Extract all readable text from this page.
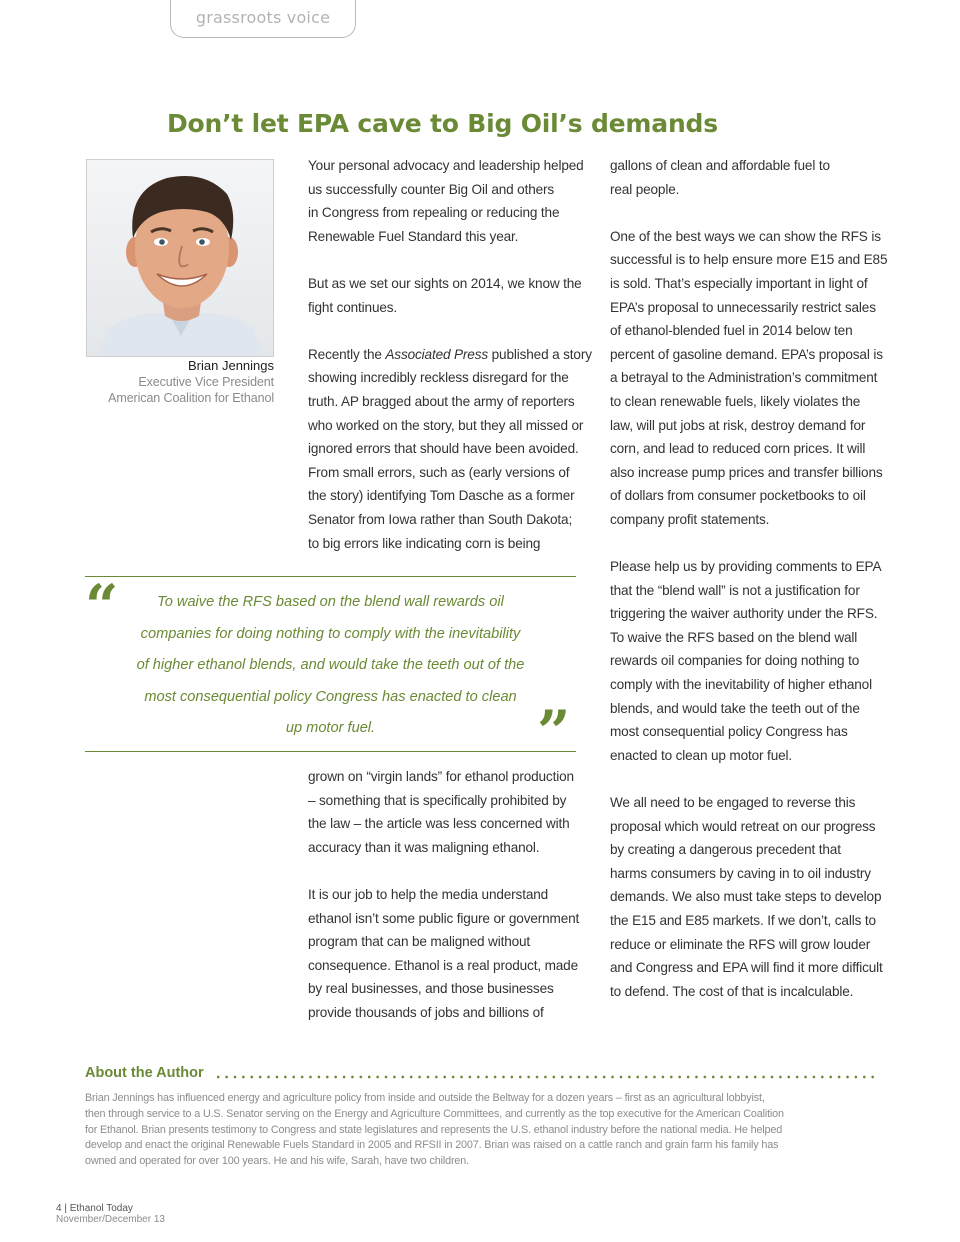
grassroots voice
Don’t let EPA cave to Big Oil’s demands
Brian Jennings
Executive Vice President
American Coalition for Ethanol

Your personal advocacy and leadership helped
us successfully counter Big Oil and others
in Congress from repealing or reducing the
Renewable Fuel Standard this year.

But as we set our sights on 2014, we know the
fight continues.

Recently the Associated Press published a story
showing incredibly reckless disregard for the
truth. AP bragged about the army of reporters
who worked on the story, but they all missed or
ignored errors that should have been avoided.
From small errors, such as (early versions of
the story) identifying Tom Dasche as a former
Senator from Iowa rather than South Dakota;
to big errors like indicating corn is being

“	To waive the RFS based on the blend wall rewards oil
companies for doing nothing to comply with the inevitability
of higher ethanol blends, and would take the teeth out of the
most consequential policy Congress has enacted to clean
up motor fuel.	”

grown on “virgin lands” for ethanol production
– something that is specifically prohibited by
the law – the article was less concerned with
accuracy than it was maligning ethanol.

It is our job to help the media understand
ethanol isn’t some public figure or government
program that can be maligned without
consequence. Ethanol is a real product, made
by real businesses, and those businesses
provide thousands of jobs and billions of

gallons of clean and affordable fuel to
real people.

One of the best ways we can show the RFS is
successful is to help ensure more E15 and E85
is sold. That’s especially important in light of
EPA’s proposal to unnecessarily restrict sales
of ethanol-blended fuel in 2014 below ten
percent of gasoline demand. EPA’s proposal is
a betrayal to the Administration’s commitment
to clean renewable fuels, likely violates the
law, will put jobs at risk, destroy demand for
corn, and lead to reduced corn prices. It will
also increase pump prices and transfer billions
of dollars from consumer pocketbooks to oil
company profit statements.

Please help us by providing comments to EPA
that the “blend wall” is not a justification for
triggering the waiver authority under the RFS.
To waive the RFS based on the blend wall
rewards oil companies for doing nothing to
comply with the inevitability of higher ethanol
blends, and would take the teeth out of the
most consequential policy Congress has
enacted to clean up motor fuel.

We all need to be engaged to reverse this
proposal which would retreat on our progress
by creating a dangerous precedent that
harms consumers by caving in to oil industry
demands. We also must take steps to develop
the E15 and E85 markets. If we don’t, calls to
reduce or eliminate the RFS will grow louder
and Congress and EPA will find it more difficult
to defend. The cost of that is incalculable.

About the Author
Brian Jennings has influenced energy and agriculture policy from inside and outside the Beltway for a dozen years – first as an agricultural lobbyist,
then through service to a U.S. Senator serving on the Energy and Agriculture Committees, and currently as the top executive for the American Coalition
for Ethanol. Brian presents testimony to Congress and state legislatures and represents the U.S. ethanol industry before the national media. He helped
develop and enact the original Renewable Fuels Standard in 2005 and RFSII in 2007. Brian was raised on a cattle ranch and grain farm his family has
owned and operated for over 100 years. He and his wife, Sarah, have two children.
4 | Ethanol Today
November/December 13
